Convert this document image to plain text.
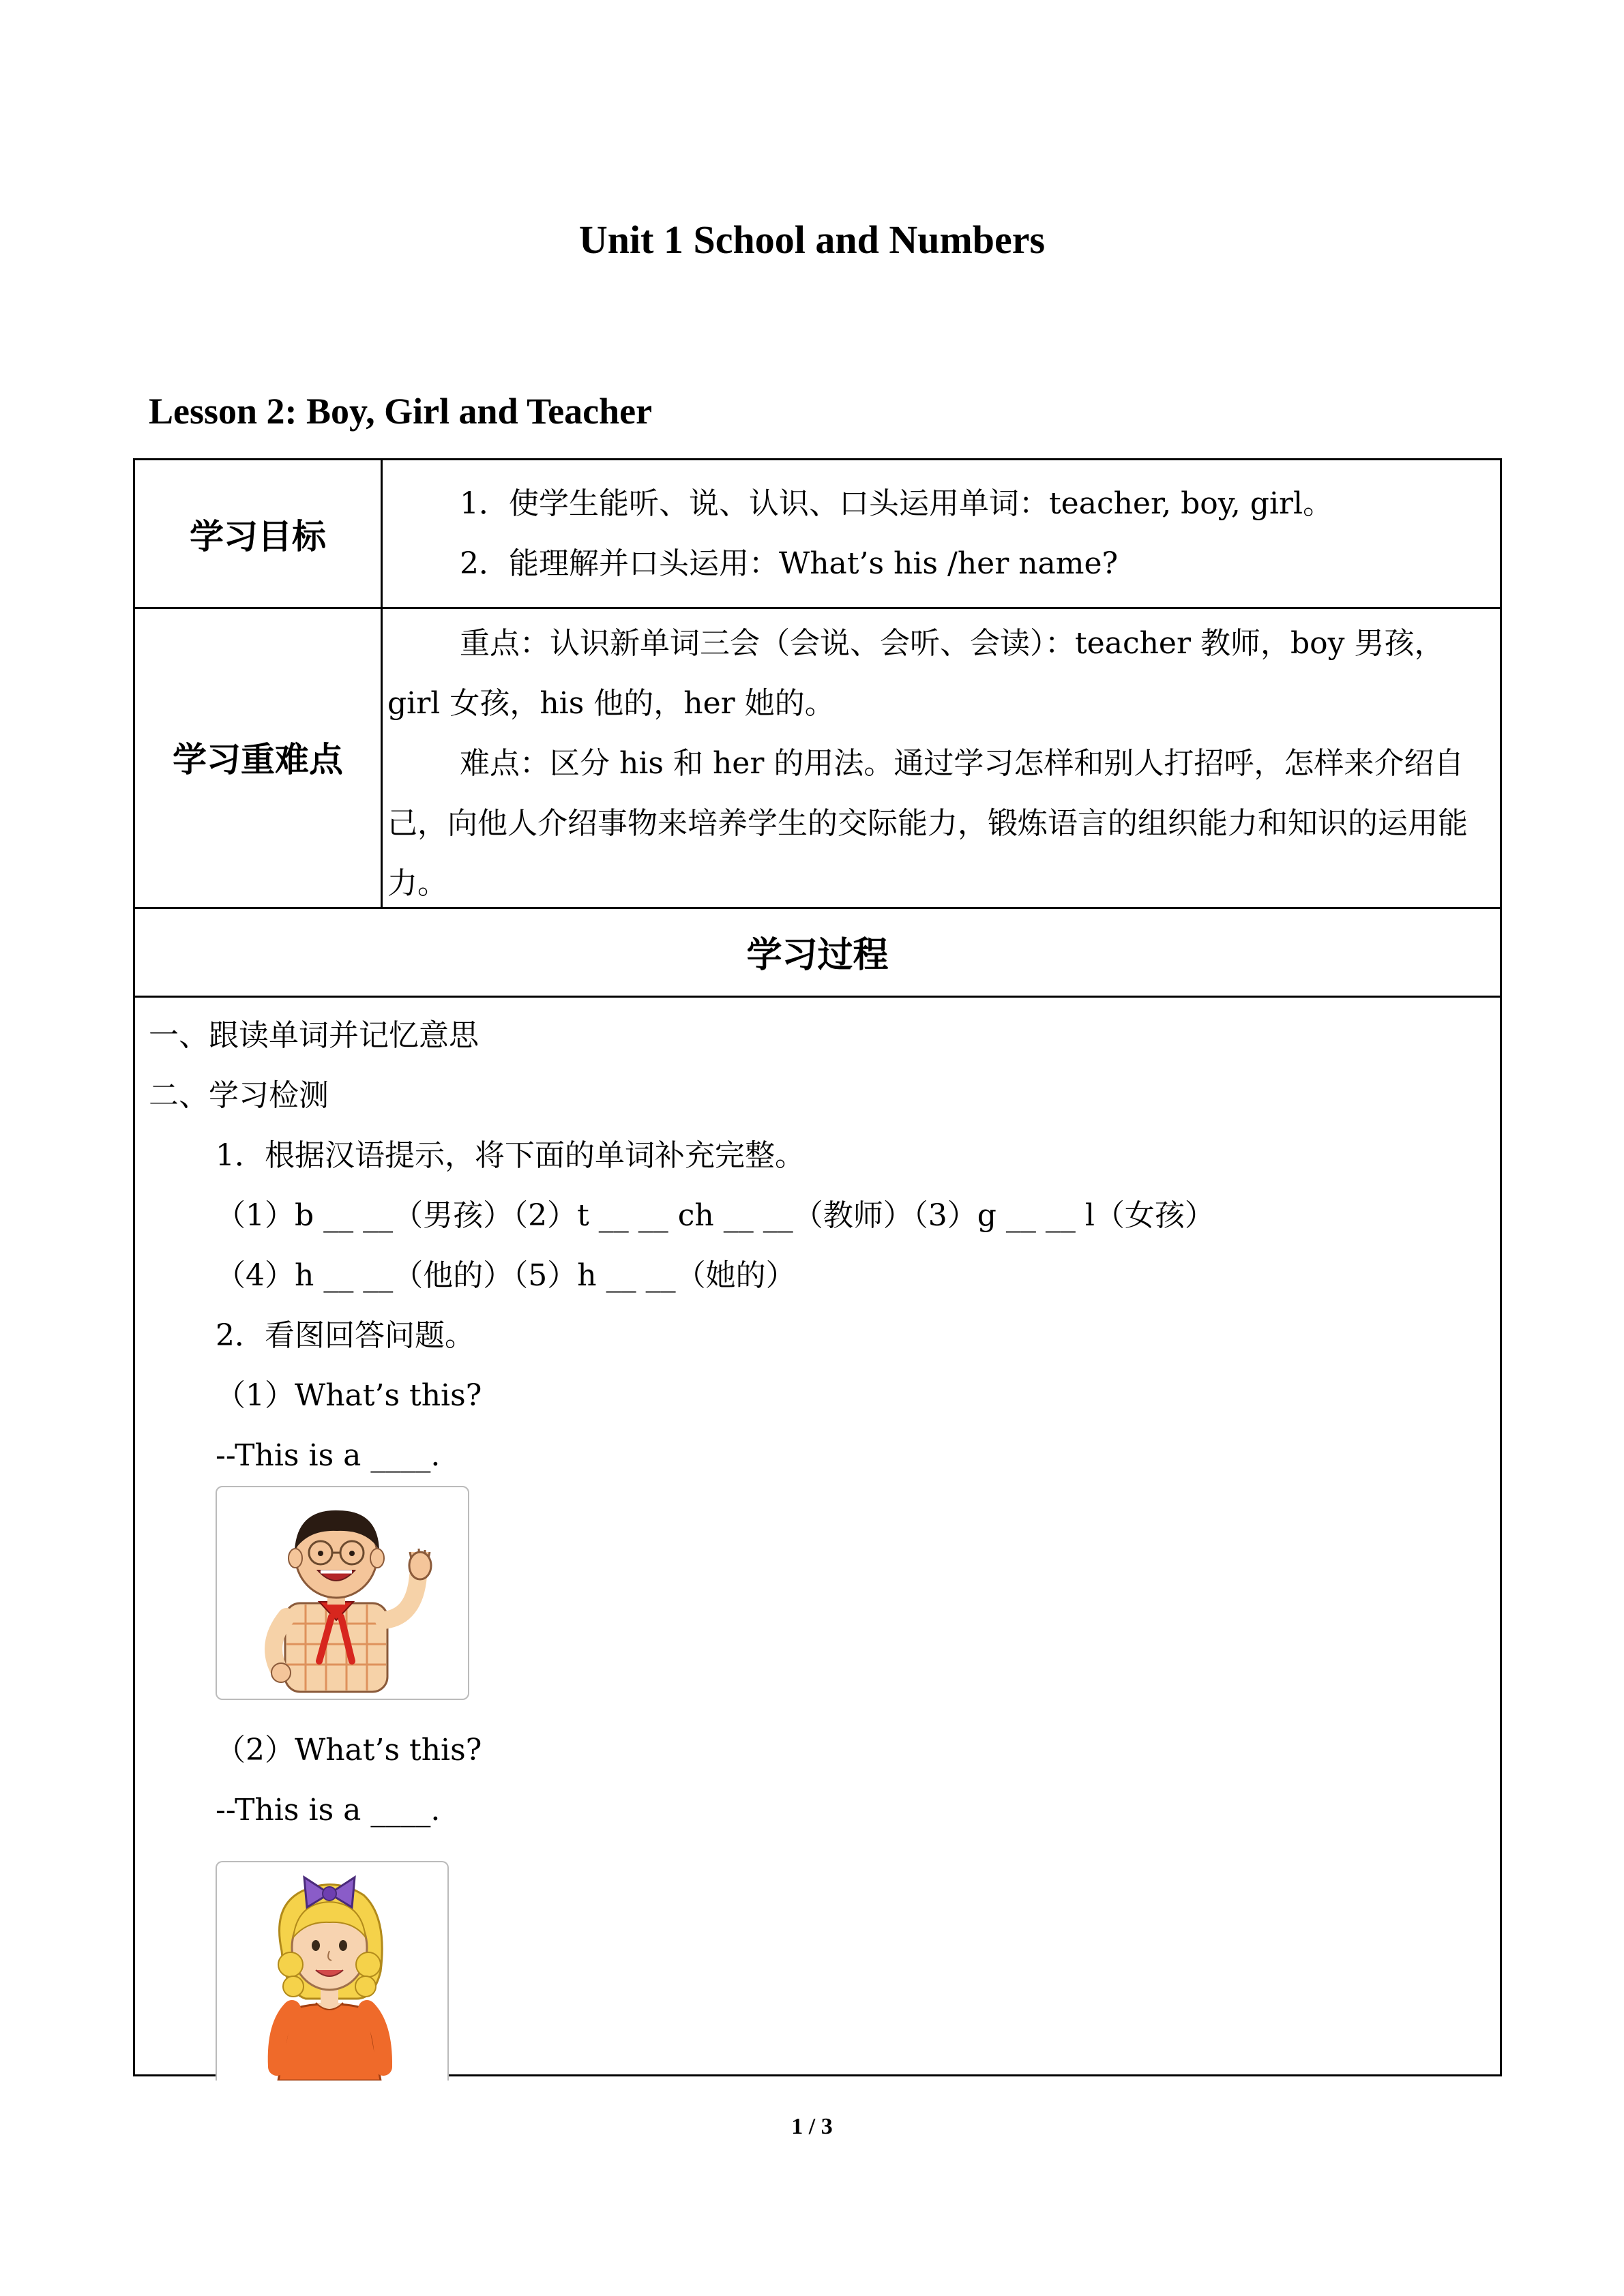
Unit 1 School and Numbers
Lesson 2: Boy, Girl and Teacher
学习目标

1．使学生能听、说、认识、口头运用单词：teacher, boy, girl。

2．能理解并口头运用：What’s his /her name?

学习重难点

重点：认识新单词三会（会说、会听、会读）：teacher 教师，boy 男孩，girl 女孩，his 他的，her 她的。

难点：区分 his 和 her 的用法。通过学习怎样和别人打招呼，怎样来介绍自己，向他人介绍事物来培养学生的交际能力，锻炼语言的组织能力和知识的运用能力。

学习过程

一、跟读单词并记忆意思

二、学习检测

1．根据汉语提示，将下面的单词补充完整。

（1）b __ __（男孩）（2）t __ __ ch __ __（教师）（3）g __ __ l（女孩）

（4）h __ __（他的）（5）h __ __（她的）

2．看图回答问题。

（1）What’s this?

--This is a ____.

（2）What’s this?

--This is a ____.

1 / 3
